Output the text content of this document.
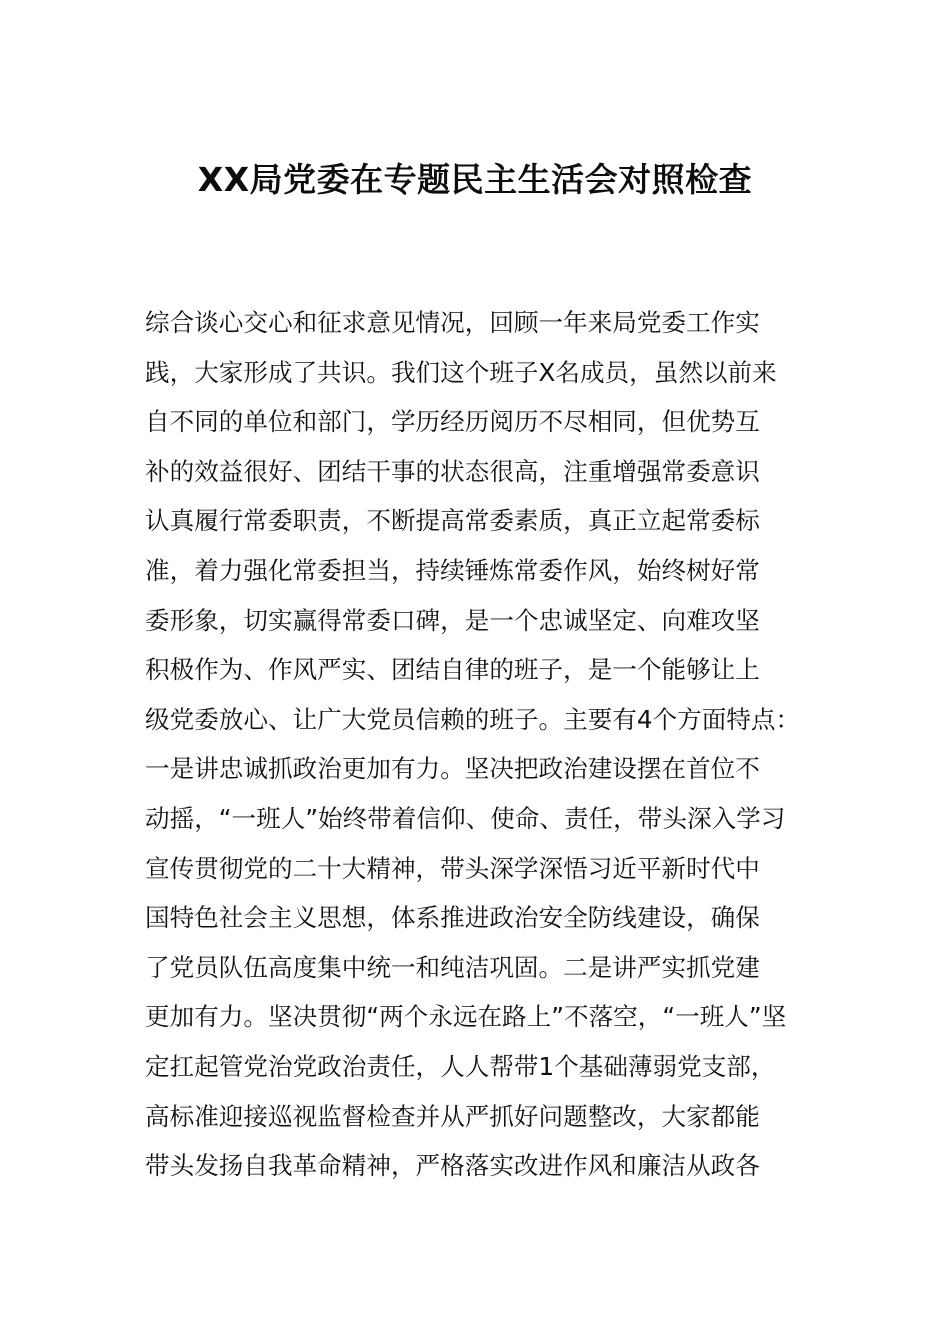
XX局党委在专题民主生活会对照检查
综合谈心交心和征求意见情况，回顾一年来局党委工作实
践，大家形成了共识。我们这个班子X名成员，虽然以前来
自不同的单位和部门，学历经历阅历不尽相同，但优势互
补的效益很好、团结干事的状态很高，注重增强常委意识
认真履行常委职责，不断提高常委素质，真正立起常委标
准，着力强化常委担当，持续锤炼常委作风，始终树好常
委形象，切实赢得常委口碑，是一个忠诚坚定、向难攻坚
积极作为、作风严实、团结自律的班子，是一个能够让上
级党委放心、让广大党员信赖的班子。主要有4个方面特点：
一是讲忠诚抓政治更加有力。坚决把政治建设摆在首位不
动摇，“一班人”始终带着信仰、使命、责任，带头深入学习
宣传贯彻党的二十大精神，带头深学深悟习近平新时代中
国特色社会主义思想，体系推进政治安全防线建设，确保
了党员队伍高度集中统一和纯洁巩固。二是讲严实抓党建
更加有力。坚决贯彻“两个永远在路上”不落空，“一班人”坚
定扛起管党治党政治责任，人人帮带1个基础薄弱党支部，
高标准迎接巡视监督检查并从严抓好问题整改，大家都能
带头发扬自我革命精神，严格落实改进作风和廉洁从政各
